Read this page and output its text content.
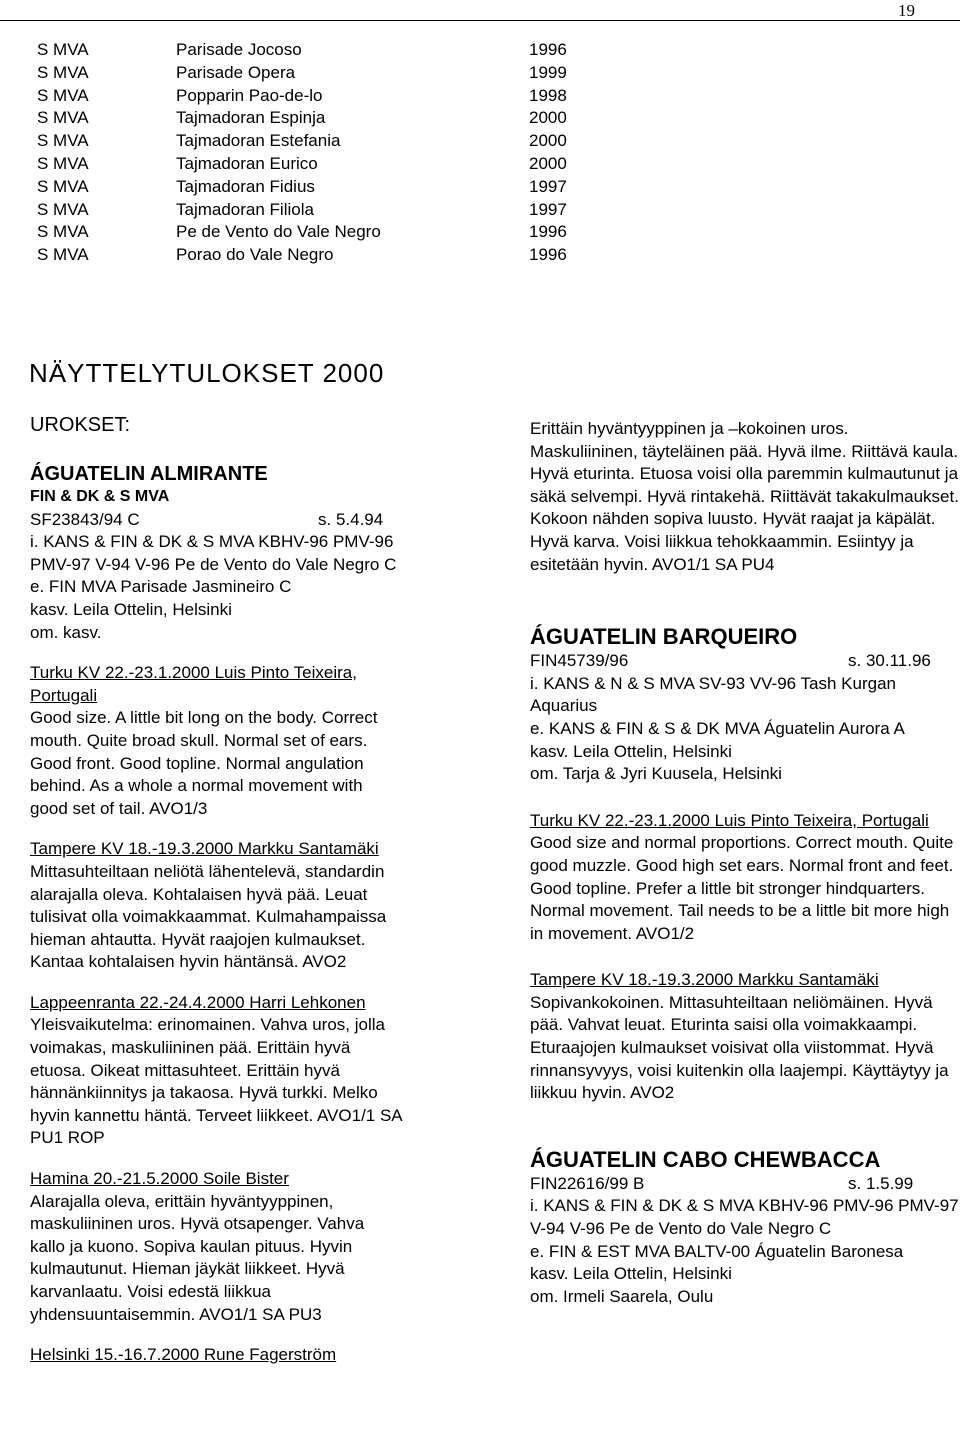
19
S MVA	Parisade Jocoso	1996
S MVA	Parisade Opera	1999
S MVA	Popparin Pao-de-lo	1998
S MVA	Tajmadoran Espinja	2000
S MVA	Tajmadoran Estefania	2000
S MVA	Tajmadoran Eurico	2000
S MVA	Tajmadoran Fidius	1997
S MVA	Tajmadoran Filiola	1997
S MVA	Pe de Vento do Vale Negro	1996
S MVA	Porao do Vale Negro	1996
NÄYTTELYTULOKSET 2000

UROKSET:

ÁGUATELIN ALMIRANTE

FIN & DK & S MVA

SF23843/94 C	s. 5.4.94

i. KANS & FIN & DK & S MVA KBHV-96 PMV-96 PMV-97 V-94 V-96 Pe de Vento do Vale Negro C

e. FIN MVA Parisade Jasmineiro C

kasv. Leila Ottelin, Helsinki

om. kasv.

Turku KV 22.-23.1.2000 Luis Pinto Teixeira, Portugali

Good size. A little bit long on the body. Correct mouth. Quite broad skull. Normal set of ears. Good front. Good topline. Normal angulation behind. As a whole a normal movement with good set of tail. AVO1/3

Tampere KV 18.-19.3.2000 Markku Santamäki

Mittasuhteiltaan neliötä lähentelevä, standardin alarajalla oleva. Kohtalaisen hyvä pää. Leuat tulisivat olla voimakkaammat. Kulmahampaissa hieman ahtautta. Hyvät raajojen kulmaukset. Kantaa kohtalaisen hyvin häntänsä. AVO2

Lappeenranta 22.-24.4.2000 Harri Lehkonen

Yleisvaikutelma: erinomainen. Vahva uros, jolla voimakas, maskuliininen pää. Erittäin hyvä etuosa. Oikeat mittasuhteet. Erittäin hyvä hännänkiinnitys ja takaosa. Hyvä turkki. Melko hyvin kannettu häntä. Terveet liikkeet. AVO1/1 SA PU1 ROP

Hamina 20.-21.5.2000 Soile Bister

Alarajalla oleva, erittäin hyväntyyppinen, maskuliininen uros. Hyvä otsapenger. Vahva kallo ja kuono. Sopiva kaulan pituus. Hyvin kulmautunut. Hieman jäykät liikkeet. Hyvä karvanlaatu. Voisi edestä liikkua yhdensuuntaisemmin. AVO1/1 SA PU3

Helsinki 15.-16.7.2000 Rune Fagerström

Erittäin hyväntyyppinen ja –kokoinen uros. Maskuliininen, täyteläinen pää. Hyvä ilme. Riittävä kaula. Hyvä eturinta. Etuosa voisi olla paremmin kulmautunut ja säkä selvempi. Hyvä rintakehä. Riittävät takakulmaukset. Kokoon nähden sopiva luusto. Hyvät raajat ja käpälät. Hyvä karva. Voisi liikkua tehokkaammin. Esiintyy ja esitetään hyvin. AVO1/1 SA PU4

ÁGUATELIN BARQUEIRO

FIN45739/96	s. 30.11.96

i. KANS & N & S MVA SV-93 VV-96 Tash Kurgan Aquarius

e. KANS & FIN & S & DK MVA Águatelin Aurora A

kasv. Leila Ottelin, Helsinki

om. Tarja & Jyri Kuusela, Helsinki

Turku KV 22.-23.1.2000 Luis Pinto Teixeira, Portugali

Good size and normal proportions. Correct mouth. Quite good muzzle. Good high set ears. Normal front and feet. Good topline. Prefer a little bit stronger hindquarters. Normal movement. Tail needs to be a little bit more high in movement. AVO1/2

Tampere KV 18.-19.3.2000 Markku Santamäki

Sopivankokoinen. Mittasuhteiltaan neliömäinen. Hyvä pää. Vahvat leuat. Eturinta saisi olla voimakkaampi. Eturaajojen kulmaukset voisivat olla viistommat. Hyvä rinnansyvyys, voisi kuitenkin olla laajempi. Käyttäytyy ja liikkuu hyvin. AVO2

ÁGUATELIN CABO CHEWBACCA

FIN22616/99 B	s. 1.5.99

i. KANS & FIN & DK & S MVA KBHV-96 PMV-96 PMV-97 V-94 V-96 Pe de Vento do Vale Negro C

e. FIN & EST MVA BALTV-00 Águatelin Baronesa

kasv. Leila Ottelin, Helsinki

om. Irmeli Saarela, Oulu
